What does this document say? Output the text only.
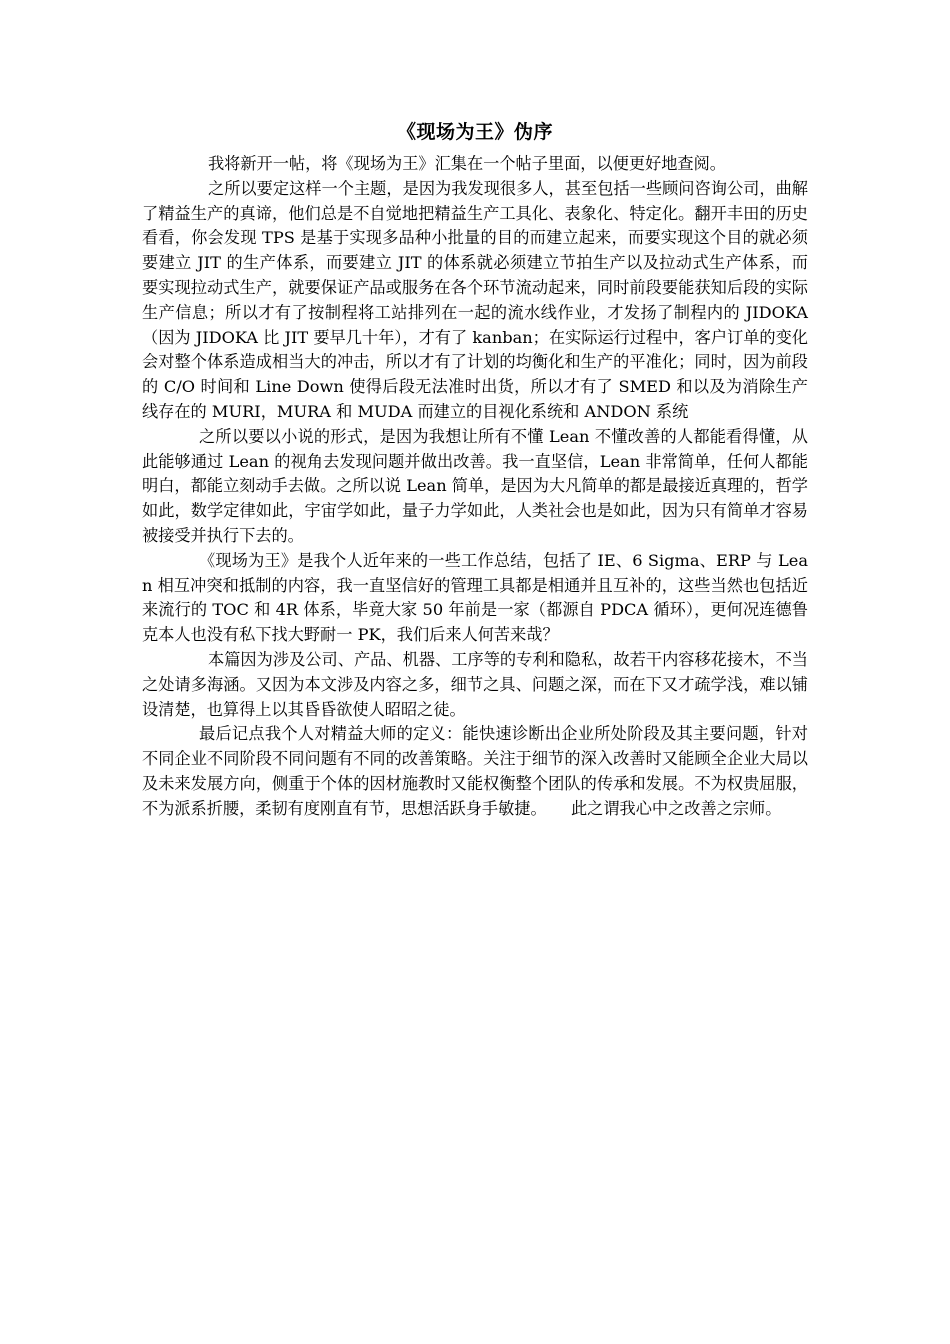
《现场为王》伪序

我将新开一帖，将《现场为王》汇集在一个帖子里面，以便更好地查阅。

之所以要定这样一个主题，是因为我发现很多人，甚至包括一些顾问咨询公司，曲解了精益生产的真谛，他们总是不自觉地把精益生产工具化、表象化、特定化。翻开丰田的历史看看，你会发现 TPS 是基于实现多品种小批量的目的而建立起来，而要实现这个目的就必须要建立 JIT 的生产体系，而要建立 JIT 的体系就必须建立节拍生产以及拉动式生产体系，而要实现拉动式生产，就要保证产品或服务在各个环节流动起来，同时前段要能获知后段的实际生产信息；所以才有了按制程将工站排列在一起的流水线作业，才发扬了制程内的 JIDOKA（因为 JIDOKA 比 JIT 要早几十年），才有了 kanban；在实际运行过程中，客户订单的变化会对整个体系造成相当大的冲击，所以才有了计划的均衡化和生产的平准化；同时，因为前段的 C/O 时间和 Line Down 使得后段无法准时出货，所以才有了 SMED 和以及为消除生产线存在的 MURI，MURA 和 MUDA 而建立的目视化系统和 ANDON 系统

之所以要以小说的形式，是因为我想让所有不懂 Lean 不懂改善的人都能看得懂，从此能够通过 Lean 的视角去发现问题并做出改善。我一直坚信，Lean 非常简单，任何人都能明白，都能立刻动手去做。之所以说 Lean 简单，是因为大凡简单的都是最接近真理的，哲学如此，数学定律如此，宇宙学如此，量子力学如此，人类社会也是如此，因为只有简单才容易被接受并执行下去的。

《现场为王》是我个人近年来的一些工作总结，包括了 IE、6 Sigma、ERP 与 Lean 相互冲突和抵制的内容，我一直坚信好的管理工具都是相通并且互补的，这些当然也包括近来流行的 TOC 和 4R 体系，毕竟大家 50 年前是一家（都源自 PDCA 循环），更何况连德鲁克本人也没有私下找大野耐一 PK，我们后来人何苦来哉？

本篇因为涉及公司、产品、机器、工序等的专利和隐私，故若干内容移花接木，不当之处请多海涵。又因为本文涉及内容之多，细节之具、问题之深，而在下又才疏学浅，难以铺设清楚，也算得上以其昏昏欲使人昭昭之徒。

最后记点我个人对精益大师的定义：能快速诊断出企业所处阶段及其主要问题，针对不同企业不同阶段不同问题有不同的改善策略。关注于细节的深入改善时又能顾全企业大局以及未来发展方向，侧重于个体的因材施教时又能权衡整个团队的传承和发展。不为权贵屈服，不为派系折腰，柔韧有度刚直有节，思想活跃身手敏捷。　　此之谓我心中之改善之宗师。
